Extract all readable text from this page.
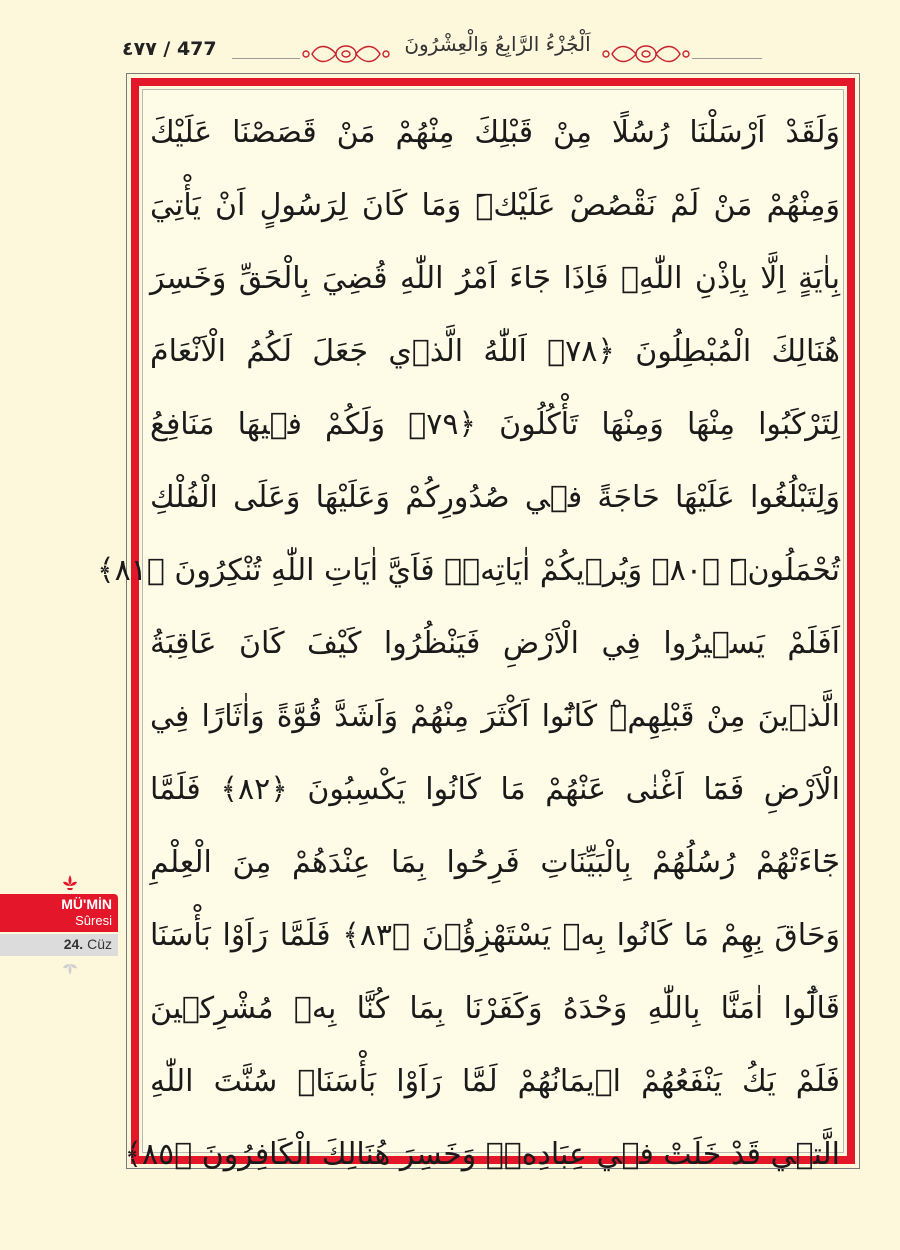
٤٧٧ / 477	اَلْجُزْءُ الرَّابِعُ وَالْعِشْرُونَ
وَلَقَدْ اَرْسَلْنَا رُسُلًا مِنْ قَبْلِكَ مِنْهُمْ مَنْ قَصَصْنَا عَلَيْكَ
وَمِنْهُمْ مَنْ لَمْ نَقْصُصْ عَلَيْكَۜ وَمَا كَانَ لِرَسُولٍ اَنْ يَأْتِيَ
بِاٰيَةٍ اِلَّا بِاِذْنِ اللّٰهِۚ فَاِذَا جَٓاءَ اَمْرُ اللّٰهِ قُضِيَ بِالْحَقِّ وَخَسِرَ
هُنَالِكَ الْمُبْطِلُونَ ﴿٧٨﴾ اَللّٰهُ الَّذ۪ي جَعَلَ لَكُمُ الْاَنْعَامَ
لِتَرْكَبُوا مِنْهَا وَمِنْهَا تَأْكُلُونَ ﴿٧٩﴾ وَلَكُمْ ف۪يهَا مَنَافِعُ
وَلِتَبْلُغُوا عَلَيْهَا حَاجَةً ف۪ي صُدُورِكُمْ وَعَلَيْهَا وَعَلَى الْفُلْكِ
تُحْمَلُونَۜ ﴿٨٠﴾ وَيُر۪يكُمْ اٰيَاتِه۪ۗ فَاَيَّ اٰيَاتِ اللّٰهِ تُنْكِرُونَ ﴿٨١﴾
اَفَلَمْ يَس۪يرُوا فِي الْاَرْضِ فَيَنْظُرُوا كَيْفَ كَانَ عَاقِبَةُ
الَّذ۪ينَ مِنْ قَبْلِهِمْۜ كَانُٓوا اَكْثَرَ مِنْهُمْ وَاَشَدَّ قُوَّةً وَاٰثَارًا فِي
الْاَرْضِ فَمَٓا اَغْنٰى عَنْهُمْ مَا كَانُوا يَكْسِبُونَ ﴿٨٢﴾ فَلَمَّا
جَٓاءَتْهُمْ رُسُلُهُمْ بِالْبَيِّنَاتِ فَرِحُوا بِمَا عِنْدَهُمْ مِنَ الْعِلْمِ
وَحَاقَ بِهِمْ مَا كَانُوا بِه۪ يَسْتَهْزِؤُ۫نَ ﴿٨٣﴾ فَلَمَّا رَاَوْا بَأْسَنَا
قَالُٓوا اٰمَنَّا بِاللّٰهِ وَحْدَهُ وَكَفَرْنَا بِمَا كُنَّا بِه۪ مُشْرِك۪ينَ
فَلَمْ يَكُ يَنْفَعُهُمْ ا۪يمَانُهُمْ لَمَّا رَاَوْا بَأْسَنَاۜ سُنَّتَ اللّٰهِ
الَّت۪ي قَدْ خَلَتْ ف۪ي عِبَادِه۪ۚ وَخَسِرَ هُنَالِكَ الْكَافِرُونَ ﴿٨٥﴾
MÜ'MİN
Sûresi
24. Cüz
